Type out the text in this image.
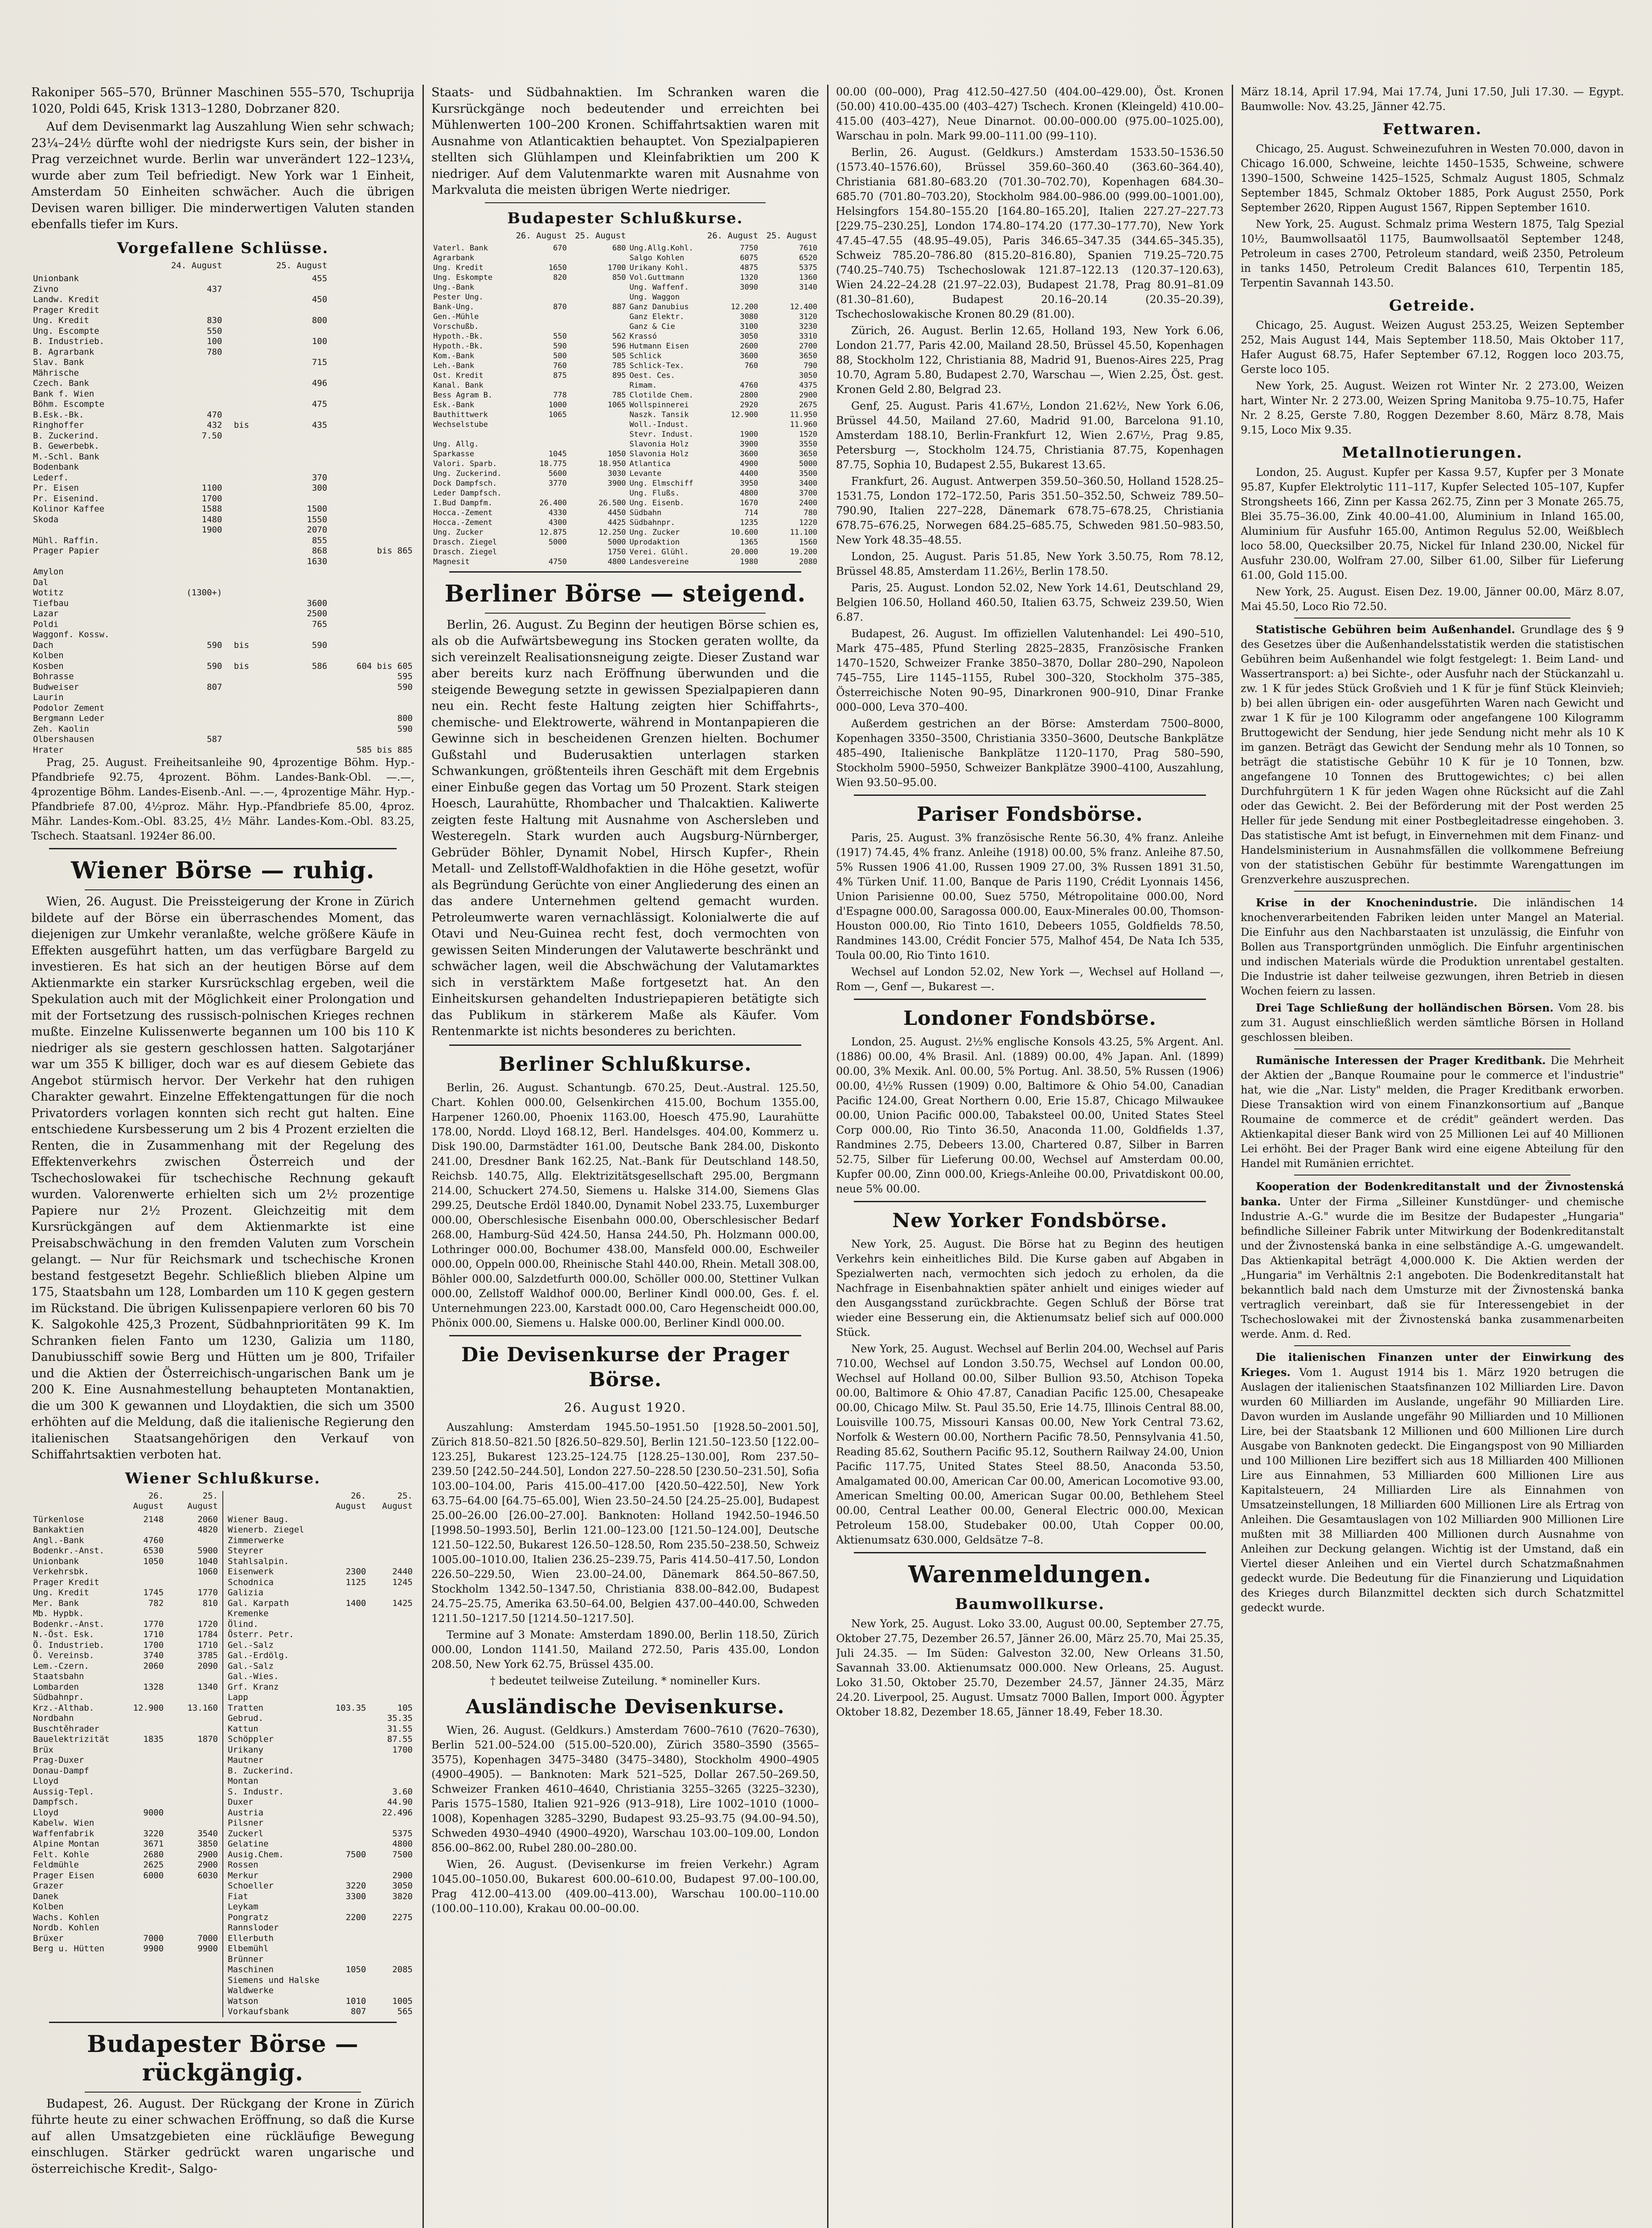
Rakoniper 565–570, Brünner Maschinen 555–570, Tschuprija 1020, Poldi 645, Krisk 1313–1280, Dobrzaner 820.

Auf dem Devisenmarkt lag Auszahlung Wien sehr schwach; 23¼–24½ dürfte wohl der niedrigste Kurs sein, der bisher in Prag verzeichnet wurde. Berlin war unverändert 122–123¼, wurde aber zum Teil befriedigt. New York war 1 Einheit, Amsterdam 50 Einheiten schwächer. Auch die übrigen Devisen waren billiger. Die minderwertigen Valuten standen ebenfalls tiefer im Kurs.

Vorgefallene Schlüsse.
	24. August		25. August	
Unionbank			455	
Zivno	437			
Landw. Kredit			450	
Prager Kredit				
Ung. Kredit	830		800	
Ung. Escompte	550			
B. Industrieb.	100		100	
B. Agrarbank	780			
Slav. Bank			715	
Mährische				
Czech. Bank			496	
Bank f. Wien				
Böhm. Escompte			475	
B.Esk.-Bk.	470			
Ringhoffer	432	bis	435	
B. Zuckerind.	7.50			
B. Gewerbebk.				
M.-Schl. Bank				
Bodenbank				
Lederf.			370	
Pr. Eisen	1100		300	
Pr. Eisenind.	1700			
Kolinor Kaffee	1588		1500	
Skoda	1480		1550	
	1900		2070	
Mühl. Raffin.			855	
Prager Papier			868	bis 865
			1630	
Amylon				
Dal				
Wotitz	(1300+)			
Tiefbau			3600	
Lazar			2500	
Poldi			765	
Waggonf. Kossw.				
Dach	590	bis	590	
Kolben				
Kosben	590	bis	586	604 bis 605
Bohrasse				595
Budweiser	807			590
Laurin				
Podolor Zement				
Bergmann Leder				800
Zeh. Kaolin				590
Olbershausen	587			
Hrater				585 bis 885

Prag, 25. August. Freiheitsanleihe 90, 4prozentige Böhm. Hyp.-Pfandbriefe 92.75, 4prozent. Böhm. Landes-Bank-Obl. —.—, 4prozentige Böhm. Landes-Eisenb.-Anl. —.—, 4prozentige Mähr. Hyp.-Pfandbriefe 87.00, 4½proz. Mähr. Hyp.-Pfandbriefe 85.00, 4proz. Mähr. Landes-Kom.-Obl. 83.25, 4½ Mähr. Landes-Kom.-Obl. 83.25, Tschech. Staatsanl. 1924er 86.00.

Wiener Börse — ruhig.

Wien, 26. August. Die Preissteigerung der Krone in Zürich bildete auf der Börse ein überraschendes Moment, das diejenigen zur Umkehr veranlaßte, welche größere Käufe in Effekten ausgeführt hatten, um das verfügbare Bargeld zu investieren. Es hat sich an der heutigen Börse auf dem Aktienmarkte ein starker Kursrückschlag ergeben, weil die Spekulation auch mit der Möglichkeit einer Prolongation und mit der Fortsetzung des russisch-polnischen Krieges rechnen mußte. Einzelne Kulissenwerte begannen um 100 bis 110 K niedriger als sie gestern geschlossen hatten. Salgotarjáner war um 355 K billiger, doch war es auf diesem Gebiete das Angebot stürmisch hervor. Der Verkehr hat den ruhigen Charakter gewahrt. Einzelne Effektengattungen für die noch Privatorders vorlagen konnten sich recht gut halten. Eine entschiedene Kursbesserung um 2 bis 4 Prozent erzielten die Renten, die in Zusammenhang mit der Regelung des Effektenverkehrs zwischen Österreich und der Tschechoslowakei für tschechische Rechnung gekauft wurden. Valorenwerte erhielten sich um 2½ prozentige Papiere nur 2½ Prozent. Gleichzeitig mit dem Kursrückgängen auf dem Aktienmarkte ist eine Preisabschwächung in den fremden Valuten zum Vorschein gelangt. — Nur für Reichsmark und tschechische Kronen bestand festgesetzt Begehr. Schließlich blieben Alpine um 175, Staatsbahn um 128, Lombarden um 110 K gegen gestern im Rückstand. Die übrigen Kulissenpapiere verloren 60 bis 70 K. Salgokohle 425,3 Prozent, Südbahnprioritäten 99 K. Im Schranken fielen Fanto um 1230, Galizia um 1180, Danubiusschiff sowie Berg und Hütten um je 800, Trifailer und die Aktien der Österreichisch-ungarischen Bank um je 200 K. Eine Ausnahmestellung behaupteten Montanaktien, die um 300 K gewannen und Lloydaktien, die sich um 3500 erhöhten auf die Meldung, daß die italienische Regierung den italienischen Staatsangehörigen den Verkauf von Schiffahrtsaktien verboten hat.

Wiener Schlußkurse.
	26. August	25. August
Türkenlose	2148	2060
Bankaktien		4820
Angl.-Bank	4760	
Bodenkr.-Anst.	6530	5900
Unionbank	1050	1040
Verkehrsbk.		1060
Prager Kredit		
Ung. Kredit	1745	1770
Mer. Bank	782	810
Mb. Hypbk.		
Bodenkr.-Anst.	1770	1720
N.-Öst. Esk.	1710	1784
Ö. Industrieb.	1700	1710
Ö. Vereinsb.	3740	3785
Lem.-Czern.	2060	2090
Staatsbahn		
Lombarden	1328	1340
Südbahnpr.		
Krz.-Althab.	12.900	13.160
Nordbahn		
Buschtěhrader		

Bauelektrizität	1835	1870
Brüx		
Prag-Duxer		
Donau-Dampf		
Lloyd		
Aussig-Tepl.		
Dampfsch.		
Lloyd	9000	
Kabelw. Wien		
Waffenfabrik	3220	3540
Alpine Montan	3671	3850
Felt. Kohle	2680	2900
Feldmühle	2625	2900
Prager Eisen	6000	6030
Grazer		
Danek		
Kolben		
Wachs. Kohlen		
Nordb. Kohlen		
Brüxer	7000	7000
Berg u. Hütten	9900	9900
	26. August	25. August
Wiener Baug.		
Wienerb. Ziegel		
Zimmerwerke		
Steyrer		
Stahlsalpin.		
Eisenwerk	2300	2440
Schodnica	1125	1245
Galizia		
Gal. Karpath	1400	1425
Kremenke		
Ölind.		
Österr. Petr.		
Gel.-Salz		
Gal.-Erdölg.		
Gal.-Salz		
Gal.-Wies.		
Grf. Kranz		
Lapp		
Tratten	103.35	105
Gebrud.		35.35
Kattun		31.55
Schöppler		87.55
Urikany		1700
Mautner		
B. Zuckerind.		
Montan		
S. Industr.		3.60
Duxer		44.90
Austria		22.496
Pilsner		
Zuckerl		5375
Gelatine		4800
Ausig.Chem.	7500	7500
Rossen		
Merkur		2900
Schoeller	3220	3050
Fiat	3300	3820
Leykam		
Pongratz	2200	2275
Rannsloder		
Ellerbuth		
Elbemühl		
Brünner		
Maschinen	1050	2085
Siemens und Halske		
Waldwerke		
Watson	1010	1005
Vorkaufsbank	807	565
Budapester Börse — rückgängig.

Budapest, 26. August. Der Rückgang der Krone in Zürich führte heute zu einer schwachen Eröffnung, so daß die Kurse auf allen Umsatzgebieten eine rückläufige Bewegung einschlugen. Stärker gedrückt waren ungarische und österreichische Kredit-, Salgo-

Staats- und Südbahnaktien. Im Schranken waren die Kursrückgänge noch bedeutender und erreichten bei Mühlenwerten 100–200 Kronen. Schiffahrtsaktien waren mit Ausnahme von Atlanticaktien behauptet. Von Spezialpapieren stellten sich Glühlampen und Kleinfabriktien um 200 K niedriger. Auf dem Valutenmarkte waren mit Ausnahme von Markvaluta die meisten übrigen Werte niedriger.

Budapester Schlußkurse.
	26. August	25. August		26. August	25. August
Vaterl. Bank	670	680	Ung.Allg.Kohl.	7750	7610
Agrarbank			Salgo Kohlen	6075	6520
Ung. Kredit	1650	1700	Urikany Kohl.	4875	5375
Ung. Eskompte	820	850	Vol.Guttmann	1320	1360
Ung.-Bank			Ung. Waffenf.	3090	3140
Pester Ung.			Ung. Waggon		
Bank-Ung.	870	887	Ganz Danubius	12.200	12.400
Gen.-Mühle			Ganz Elektr.	3080	3120
Vorschußb.			Ganz & Cie	3100	3230
Hypoth.-Bk.	550	562	Krassó	3050	3310
Hypoth.-Bk.	590	596	Hutmann Eisen	2600	2700
Kom.-Bank	500	505	Schlick	3600	3650
Leh.-Bank	760	785	Schlick-Tex.	760	790
Ost. Kredit	875	895	Oest. Ces.		3050
Kanal. Bank			Rimam.	4760	4375
Bess Agram B.	778	785	Clotilde Chem.	2800	2900
Esk.-Bank	1000	1065	Wollspinnerei	2920	2675
Bauthittwerk	1065		Naszk. Tansik	12.900	11.950
Wechselstube			Woll.-Indust.		11.960
			Stevr. Indust.	1900	1520
Ung. Allg.			Slavonia Holz	3900	3550
Sparkasse	1045	1050	Slavonia Holz	3600	3650
Valori. Sparb.	18.775	18.950	Atlantica	4900	5000
Ung. Zuckerind.	5600	3030	Levante	4400	3500
Dock Dampfsch.	3770	3900	Ung. Elmschiff	3950	3400
Leder Dampfsch.			Ung. Flußs.	4800	3700
I.Bud Dampfm.	26.400	26.500	Ung. Eisenb.	1670	2400
Hocca.-Zement	4330	4450	Südbahn	714	780
Hocca.-Zement	4300	4425	Südbahnpr.	1235	1220
Ung. Zucker	12.875	12.250	Ung. Zucker	10.600	11.100
Drasch. Ziegel	5000	5000	Uprodaktion	1365	1560
Drasch. Ziegel		1750	Verei. Glühl.	20.000	19.200
Magnesit	4750	4800	Landesvereine	1980	2080
Berliner Börse — steigend.

Berlin, 26. August. Zu Beginn der heutigen Börse schien es, als ob die Aufwärtsbewegung ins Stocken geraten wollte, da sich vereinzelt Realisationsneigung zeigte. Dieser Zustand war aber bereits kurz nach Eröffnung überwunden und die steigende Bewegung setzte in gewissen Spezialpapieren dann neu ein. Recht feste Haltung zeigten hier Schiffahrts-, chemische- und Elektrowerte, während in Montanpapieren die Gewinne sich in bescheidenen Grenzen hielten. Bochumer Gußstahl und Buderusaktien unterlagen starken Schwankungen, größtenteils ihren Geschäft mit dem Ergebnis einer Einbuße gegen das Vortag um 50 Prozent. Stark steigen Hoesch, Laurahütte, Rhombacher und Thalcaktien. Kaliwerte zeigten feste Haltung mit Ausnahme von Aschersleben und Westeregeln. Stark wurden auch Augsburg-Nürnberger, Gebrüder Böhler, Dynamit Nobel, Hirsch Kupfer-, Rhein Metall- und Zellstoff-Waldhofaktien in die Höhe gesetzt, wofür als Begründung Gerüchte von einer Angliederung des einen an das andere Unternehmen geltend gemacht wurden. Petroleumwerte waren vernachlässigt. Kolonialwerte die auf Otavi und Neu-Guinea recht fest, doch vermochten von gewissen Seiten Minderungen der Valutawerte beschränkt und schwächer lagen, weil die Abschwächung der Valutamarktes sich in verstärktem Maße fortgesetzt hat. An den Einheitskursen gehandelten Industriepapieren betätigte sich das Publikum in stärkerem Maße als Käufer. Vom Rentenmarkte ist nichts besonderes zu berichten.

Berliner Schlußkurse.

Berlin, 26. August. Schantungb. 670.25, Deut.-Austral. 125.50, Chart. Kohlen 000.00, Gelsenkirchen 415.00, Bochum 1355.00, Harpener 1260.00, Phoenix 1163.00, Hoesch 475.90, Laurahütte 178.00, Nordd. Lloyd 168.12, Berl. Handelsges. 404.00, Kommerz u. Disk 190.00, Darmstädter 161.00, Deutsche Bank 284.00, Diskonto 241.00, Dresdner Bank 162.25, Nat.-Bank für Deutschland 148.50, Reichsb. 140.75, Allg. Elektrizitätsgesellschaft 295.00, Bergmann 214.00, Schuckert 274.50, Siemens u. Halske 314.00, Siemens Glas 299.25, Deutsche Erdöl 1840.00, Dynamit Nobel 233.75, Luxemburger 000.00, Oberschlesische Eisenbahn 000.00, Oberschlesischer Bedarf 268.00, Hamburg-Süd 424.50, Hansa 244.50, Ph. Holzmann 000.00, Lothringer 000.00, Bochumer 438.00, Mansfeld 000.00, Eschweiler 000.00, Oppeln 000.00, Rheinische Stahl 440.00, Rhein. Metall 308.00, Böhler 000.00, Salzdetfurth 000.00, Schöller 000.00, Stettiner Vulkan 000.00, Zellstoff Waldhof 000.00, Berliner Kindl 000.00, Ges. f. el. Unternehmungen 223.00, Karstadt 000.00, Caro Hegenscheidt 000.00, Phönix 000.00, Siemens u. Halske 000.00, Berliner Kindl 000.00.

Die Devisenkurse der Prager Börse.
26. August 1920.

Auszahlung: Amsterdam 1945.50–1951.50 [1928.50–2001.50], Zürich 818.50–821.50 [826.50–829.50], Berlin 121.50–123.50 [122.00–123.25], Bukarest 123.25–124.75 [128.25–130.00], Rom 237.50–239.50 [242.50–244.50], London 227.50–228.50 [230.50–231.50], Sofia 103.00–104.00, Paris 415.00–417.00 [420.50–422.50], New York 63.75–64.00 [64.75–65.00], Wien 23.50–24.50 [24.25–25.00], Budapest 25.00–26.00 [26.00–27.00]. Banknoten: Holland 1942.50–1946.50 [1998.50–1993.50], Berlin 121.00–123.00 [121.50–124.00], Deutsche 121.50–122.50, Bukarest 126.50–128.50, Rom 235.50–238.50, Schweiz 1005.00–1010.00, Italien 236.25–239.75, Paris 414.50–417.50, London 226.50–229.50, Wien 23.00–24.00, Dänemark 864.50–867.50, Stockholm 1342.50–1347.50, Christiania 838.00–842.00, Budapest 24.75–25.75, Amerika 63.50–64.00, Belgien 437.00–440.00, Schweden 1211.50–1217.50 [1214.50–1217.50].

Termine auf 3 Monate: Amsterdam 1890.00, Berlin 118.50, Zürich 000.00, London 1141.50, Mailand 272.50, Paris 435.00, London 208.50, New York 62.75, Brüssel 435.00.

† bedeutet teilweise Zuteilung. * nomineller Kurs.

Ausländische Devisenkurse.

Wien, 26. August. (Geldkurs.) Amsterdam 7600–7610 (7620–7630), Berlin 521.00–524.00 (515.00–520.00), Zürich 3580–3590 (3565–3575), Kopenhagen 3475–3480 (3475–3480), Stockholm 4900–4905 (4900–4905). — Banknoten: Mark 521–525, Dollar 267.50–269.50, Schweizer Franken 4610–4640, Christiania 3255–3265 (3225–3230), Paris 1575–1580, Italien 921–926 (913–918), Lire 1002–1010 (1000–1008), Kopenhagen 3285–3290, Budapest 93.25–93.75 (94.00–94.50), Schweden 4930–4940 (4900–4920), Warschau 103.00–109.00, London 856.00–862.00, Rubel 280.00–280.00.

Wien, 26. August. (Devisenkurse im freien Verkehr.) Agram 1045.00–1050.00, Bukarest 600.00–610.00, Budapest 97.00–100.00, Prag 412.00–413.00 (409.00–413.00), Warschau 100.00–110.00 (100.00–110.00), Krakau 00.00–00.00.

00.00 (00–000), Prag 412.50–427.50 (404.00–429.00), Öst. Kronen (50.00) 410.00–435.00 (403–427) Tschech. Kronen (Kleingeld) 410.00–415.00 (403–427), Neue Dinarnot. 00.00–000.00 (975.00–1025.00), Warschau in poln. Mark 99.00–111.00 (99–110).

Berlin, 26. August. (Geldkurs.) Amsterdam 1533.50–1536.50 (1573.40–1576.60), Brüssel 359.60–360.40 (363.60–364.40), Christiania 681.80–683.20 (701.30–702.70), Kopenhagen 684.30–685.70 (701.80–703.20), Stockholm 984.00–986.00 (999.00–1001.00), Helsingfors 154.80–155.20 [164.80–165.20], Italien 227.27–227.73 [229.75–230.25], London 174.80–174.20 (177.30–177.70), New York 47.45–47.55 (48.95–49.05), Paris 346.65–347.35 (344.65–345.35), Schweiz 785.20–786.80 (815.20–816.80), Spanien 719.25–720.75 (740.25–740.75) Tschechoslowak 121.87–122.13 (120.37–120.63), Wien 24.22–24.28 (21.97–22.03), Budapest 21.78, Prag 80.91–81.09 (81.30–81.60), Budapest 20.16–20.14 (20.35–20.39), Tschechoslowakische Kronen 80.29 (81.00).

Zürich, 26. August. Berlin 12.65, Holland 193, New York 6.06, London 21.77, Paris 42.00, Mailand 28.50, Brüssel 45.50, Kopenhagen 88, Stockholm 122, Christiania 88, Madrid 91, Buenos-Aires 225, Prag 10.70, Agram 5.80, Budapest 2.70, Warschau —, Wien 2.25, Öst. gest. Kronen Geld 2.80, Belgrad 23.

Genf, 25. August. Paris 41.67½, London 21.62½, New York 6.06, Brüssel 44.50, Mailand 27.60, Madrid 91.00, Barcelona 91.10, Amsterdam 188.10, Berlin-Frankfurt 12, Wien 2.67½, Prag 9.85, Petersburg —, Stockholm 124.75, Christiania 87.75, Kopenhagen 87.75, Sophia 10, Budapest 2.55, Bukarest 13.65.

Frankfurt, 26. August. Antwerpen 359.50–360.50, Holland 1528.25–1531.75, London 172–172.50, Paris 351.50–352.50, Schweiz 789.50–790.90, Italien 227–228, Dänemark 678.75–678.25, Christiania 678.75–676.25, Norwegen 684.25–685.75, Schweden 981.50–983.50, New York 48.35–48.55.

London, 25. August. Paris 51.85, New York 3.50.75, Rom 78.12, Brüssel 48.85, Amsterdam 11.26½, Berlin 178.50.

Paris, 25. August. London 52.02, New York 14.61, Deutschland 29, Belgien 106.50, Holland 460.50, Italien 63.75, Schweiz 239.50, Wien 6.87.

Budapest, 26. August. Im offiziellen Valutenhandel: Lei 490–510, Mark 475–485, Pfund Sterling 2825–2835, Französische Franken 1470–1520, Schweizer Franke 3850–3870, Dollar 280–290, Napoleon 745–755, Lire 1145–1155, Rubel 300–320, Stockholm 375–385, Österreichische Noten 90–95, Dinarkronen 900–910, Dinar Franke 000–000, Leva 370–400.

Außerdem gestrichen an der Börse: Amsterdam 7500–8000, Kopenhagen 3350–3500, Christiania 3350–3600, Deutsche Bankplätze 485–490, Italienische Bankplätze 1120–1170, Prag 580–590, Stockholm 5900–5950, Schweizer Bankplätze 3900–4100, Auszahlung, Wien 93.50–95.00.

Pariser Fondsbörse.

Paris, 25. August. 3% französische Rente 56.30, 4% franz. Anleihe (1917) 74.45, 4% franz. Anleihe (1918) 00.00, 5% franz. Anleihe 87.50, 5% Russen 1906 41.00, Russen 1909 27.00, 3% Russen 1891 31.50, 4% Türken Unif. 11.00, Banque de Paris 1190, Crédit Lyonnais 1456, Union Parisienne 00.00, Suez 5750, Métropolitaine 000.00, Nord d'Espagne 000.00, Saragossa 000.00, Eaux-Minerales 00.00, Thomson-Houston 000.00, Rio Tinto 1610, Debeers 1055, Goldfields 78.50, Randmines 143.00, Crédit Foncier 575, Malhof 454, De Nata Ich 535, Toula 00.00, Rio Tinto 1610.

Wechsel auf London 52.02, New York —, Wechsel auf Holland —, Rom —, Genf —, Bukarest —.

Londoner Fondsbörse.

London, 25. August. 2½% englische Konsols 43.25, 5% Argent. Anl. (1886) 00.00, 4% Brasil. Anl. (1889) 00.00, 4% Japan. Anl. (1899) 00.00, 3% Mexik. Anl. 00.00, 5% Portug. Anl. 38.50, 5% Russen (1906) 00.00, 4½% Russen (1909) 0.00, Baltimore & Ohio 54.00, Canadian Pacific 124.00, Great Northern 0.00, Erie 15.87, Chicago Milwaukee 00.00, Union Pacific 000.00, Tabaksteel 00.00, United States Steel Corp 000.00, Rio Tinto 36.50, Anaconda 11.00, Goldfields 1.37, Randmines 2.75, Debeers 13.00, Chartered 0.87, Silber in Barren 52.75, Silber für Lieferung 00.00, Wechsel auf Amsterdam 00.00, Kupfer 00.00, Zinn 000.00, Kriegs-Anleihe 00.00, Privatdiskont 00.00, neue 5% 00.00.

New Yorker Fondsbörse.

New York, 25. August. Die Börse hat zu Beginn des heutigen Verkehrs kein einheitliches Bild. Die Kurse gaben auf Abgaben in Spezialwerten nach, vermochten sich jedoch zu erholen, da die Nachfrage in Eisenbahnaktien später anhielt und einiges wieder auf den Ausgangsstand zurückbrachte. Gegen Schluß der Börse trat wieder eine Besserung ein, die Aktienumsatz belief sich auf 000.000 Stück.

New York, 25. August. Wechsel auf Berlin 204.00, Wechsel auf Paris 710.00, Wechsel auf London 3.50.75, Wechsel auf London 00.00, Wechsel auf Holland 00.00, Silber Bullion 93.50, Atchison Topeka 00.00, Baltimore & Ohio 47.87, Canadian Pacific 125.00, Chesapeake 00.00, Chicago Milw. St. Paul 35.50, Erie 14.75, Illinois Central 88.00, Louisville 100.75, Missouri Kansas 00.00, New York Central 73.62, Norfolk & Western 00.00, Northern Pacific 78.50, Pennsylvania 41.50, Reading 85.62, Southern Pacific 95.12, Southern Railway 24.00, Union Pacific 117.75, United States Steel 88.50, Anaconda 53.50, Amalgamated 00.00, American Car 00.00, American Locomotive 93.00, American Smelting 00.00, American Sugar 00.00, Bethlehem Steel 00.00, Central Leather 00.00, General Electric 000.00, Mexican Petroleum 158.00, Studebaker 00.00, Utah Copper 00.00, Aktienumsatz 630.000, Geldsätze 7–8.

Warenmeldungen.
Baumwollkurse.

New York, 25. August. Loko 33.00, August 00.00, September 27.75, Oktober 27.75, Dezember 26.57, Jänner 26.00, März 25.70, Mai 25.35, Juli 24.35. — Im Süden: Galveston 32.00, New Orleans 31.50, Savannah 33.00. Aktienumsatz 000.000. New Orleans, 25. August. Loko 31.50, Oktober 25.70, Dezember 24.57, Jänner 24.35, März 24.20. Liverpool, 25. August. Umsatz 7000 Ballen, Import 000. Ägypter Oktober 18.82, Dezember 18.65, Jänner 18.49, Feber 18.30.

März 18.14, April 17.94, Mai 17.74, Juni 17.50, Juli 17.30. — Egypt. Baumwolle: Nov. 43.25, Jänner 42.75.

Fettwaren.

Chicago, 25. August. Schweinezufuhren in Westen 70.000, davon in Chicago 16.000, Schweine, leichte 1450–1535, Schweine, schwere 1390–1500, Schweine 1425–1525, Schmalz August 1805, Schmalz September 1845, Schmalz Oktober 1885, Pork August 2550, Pork September 2620, Rippen August 1567, Rippen September 1610.

New York, 25. August. Schmalz prima Western 1875, Talg Spezial 10½, Baumwollsaatöl 1175, Baumwollsaatöl September 1248, Petroleum in cases 2700, Petroleum standard, weiß 2350, Petroleum in tanks 1450, Petroleum Credit Balances 610, Terpentin 185, Terpentin Savannah 143.50.

Getreide.

Chicago, 25. August. Weizen August 253.25, Weizen September 252, Mais August 144, Mais September 118.50, Mais Oktober 117, Hafer August 68.75, Hafer September 67.12, Roggen loco 203.75, Gerste loco 105.

New York, 25. August. Weizen rot Winter Nr. 2 273.00, Weizen hart, Winter Nr. 2 273.00, Weizen Spring Manitoba 9.75–10.75, Hafer Nr. 2 8.25, Gerste 7.80, Roggen Dezember 8.60, März 8.78, Mais 9.15, Loco Mix 9.35.

Metallnotierungen.

London, 25. August. Kupfer per Kassa 9.57, Kupfer per 3 Monate 95.87, Kupfer Elektrolytic 111–117, Kupfer Selected 105–107, Kupfer Strongsheets 166, Zinn per Kassa 262.75, Zinn per 3 Monate 265.75, Blei 35.75–36.00, Zink 40.00–41.00, Aluminium in Inland 165.00, Aluminium für Ausfuhr 165.00, Antimon Regulus 52.00, Weißblech loco 58.00, Quecksilber 20.75, Nickel für Inland 230.00, Nickel für Ausfuhr 230.00, Wolfram 27.00, Silber 61.00, Silber für Lieferung 61.00, Gold 115.00.

New York, 25. August. Eisen Dez. 19.00, Jänner 00.00, März 8.07, Mai 45.50, Loco Rio 72.50.

Statistische Gebühren beim Außenhandel. Grundlage des § 9 des Gesetzes über die Außenhandelsstatistik werden die statistischen Gebühren beim Außenhandel wie folgt festgelegt: 1. Beim Land- und Wassertransport: a) bei Sichte-, oder Ausfuhr nach der Stückanzahl u. zw. 1 K für jedes Stück Großvieh und 1 K für je fünf Stück Kleinvieh; b) bei allen übrigen ein- oder ausgeführten Waren nach Gewicht und zwar 1 K für je 100 Kilogramm oder angefangene 100 Kilogramm Bruttogewicht der Sendung, hier jede Sendung nicht mehr als 10 K im ganzen. Beträgt das Gewicht der Sendung mehr als 10 Tonnen, so beträgt die statistische Gebühr 10 K für je 10 Tonnen, bzw. angefangene 10 Tonnen des Bruttogewichtes; c) bei allen Durchfuhrgütern 1 K für jeden Wagen ohne Rücksicht auf die Zahl oder das Gewicht. 2. Bei der Beförderung mit der Post werden 25 Heller für jede Sendung mit einer Postbegleitadresse eingehoben. 3. Das statistische Amt ist befugt, in Einvernehmen mit dem Finanz- und Handelsministerium in Ausnahmsfällen die vollkommene Befreiung von der statistischen Gebühr für bestimmte Warengattungen im Grenzverkehre auszusprechen.

Krise in der Knochenindustrie. Die inländischen 14 knochenverarbeitenden Fabriken leiden unter Mangel an Material. Die Einfuhr aus den Nachbarstaaten ist unzulässig, die Einfuhr von Bollen aus Transportgründen unmöglich. Die Einfuhr argentinischen und indischen Materials würde die Produktion unrentabel gestalten. Die Industrie ist daher teilweise gezwungen, ihren Betrieb in diesen Wochen feiern zu lassen.

Drei Tage Schließung der holländischen Börsen. Vom 28. bis zum 31. August einschließlich werden sämtliche Börsen in Holland geschlossen bleiben.

Rumänische Interessen der Prager Kreditbank. Die Mehrheit der Aktien der „Banque Roumaine pour le commerce et l'industrie" hat, wie die „Nar. Listy" melden, die Prager Kreditbank erworben. Diese Transaktion wird von einem Finanzkonsortium auf „Banque Roumaine de commerce et de crédit" geändert werden. Das Aktienkapital dieser Bank wird von 25 Millionen Lei auf 40 Millionen Lei erhöht. Bei der Prager Bank wird eine eigene Abteilung für den Handel mit Rumänien errichtet.

Kooperation der Bodenkreditanstalt und der Živnostenská banka. Unter der Firma „Silleiner Kunstdünger- und chemische Industrie A.-G." wurde die im Besitze der Budapester „Hungaria" befindliche Silleiner Fabrik unter Mitwirkung der Bodenkreditanstalt und der Živnostenská banka in eine selbständige A.-G. umgewandelt. Das Aktienkapital beträgt 4,000.000 K. Die Aktien werden der „Hungaria" im Verhältnis 2:1 angeboten. Die Bodenkreditanstalt hat bekanntlich bald nach dem Umsturze mit der Živnostenská banka vertraglich vereinbart, daß sie für Interessengebiet in der Tschechoslowakei mit der Živnostenská banka zusammenarbeiten werde. Anm. d. Red.

Die italienischen Finanzen unter der Einwirkung des Krieges. Vom 1. August 1914 bis 1. März 1920 betrugen die Auslagen der italienischen Staatsfinanzen 102 Milliarden Lire. Davon wurden 60 Milliarden im Auslande, ungefähr 90 Milliarden Lire. Davon wurden im Auslande ungefähr 90 Milliarden und 10 Millionen Lire, bei der Staatsbank 12 Millionen und 600 Millionen Lire durch Ausgabe von Banknoten gedeckt. Die Eingangspost von 90 Milliarden und 100 Millionen Lire beziffert sich aus 18 Milliarden 400 Millionen Lire aus Einnahmen, 53 Milliarden 600 Millionen Lire aus Kapitalsteuern, 24 Milliarden Lire als Einnahmen von Umsatzeinstellungen, 18 Milliarden 600 Millionen Lire als Ertrag von Anleihen. Die Gesamtauslagen von 102 Milliarden 900 Millionen Lire mußten mit 38 Milliarden 400 Millionen durch Ausnahme von Anleihen zur Deckung gelangen. Wichtig ist der Umstand, daß ein Viertel dieser Anleihen und ein Viertel durch Schatzmaßnahmen gedeckt wurde. Die Bedeutung für die Finanzierung und Liquidation des Krieges durch Bilanzmittel deckten sich durch Schatzmittel gedeckt wurde.
